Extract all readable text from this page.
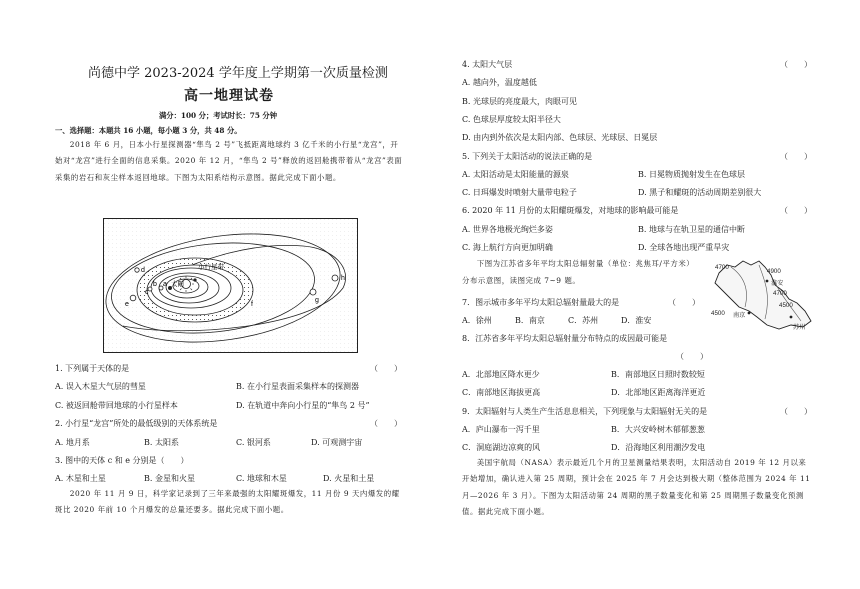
尚德中学 2023-2024 学年度上学期第一次质量检测
高一地理试卷
满分：100 分；考试时长：75 分钟
一、选择题：本题共 16 小题，每小题 3 分，共 48 分。
2018 年 6 月，日本小行星探测器“隼鸟 2 号”飞抵距离地球约 3 亿千米的小行星“龙宫”，开始对“龙宫”进行全面的信息采集。2020 年 12 月，“隼鸟 2 号”释放的返回舱携带着从“龙宫”表面采集的岩石和灰尘样本返回地球。下图为太阳系结构示意图。据此完成下面小题。
小行星带
太阳
a
b
c
d
e	f
g
h
1. 下列属于天体的是	（　　）
A. 误入木星大气层的彗星	B. 在小行星表面采集样本的探测器
C. 被返回舱带回地球的小行星样本	D. 在轨道中奔向小行星的“隼鸟 2 号”
2. 小行星“龙宫”所处的最低级别的天体系统是	（　　）
A. 地月系	B. 太阳系	C. 银河系	D. 可观测宇宙
3. 图中的天体 c 和 e 分别是（　　）
A. 木星和土星	B. 金星和火星	C. 地球和木星	D. 火星和土星
2020 年 11 月 9 日，科学家记录到了三年来最强的太阳耀斑爆发，11 月份 9 天内爆发的耀斑比 2020 年前 10 个月爆发的总量还要多。据此完成下面小题。
4. 太阳大气层	（　　）
A. 越向外，温度越低
B. 光球层的亮度最大，肉眼可见
C. 色球层厚度较太阳半径大
D. 由内到外依次是太阳内部、色球层、光球层、日冕层
5. 下列关于太阳活动的说法正确的是	（　　）
A. 太阳活动是太阳能量的源泉	B. 日冕物质抛射发生在色球层
C. 日珥爆发时喷射大量带电粒子	D. 黑子和耀斑的活动周期差别很大
6. 2020 年 11 月份的太阳耀斑爆发，对地球的影响最可能是	（　　）
A. 世界各地极光绚烂多姿	B. 地球与在轨卫星的通信中断
C. 海上航行方向更加明确	D. 全球各地出现严重旱灾
下图为江苏省多年平均太阳总辐射量（单位：兆焦耳/平方米）分布示意图，读图完成 7~9 题。
4700
4900
4700
4500
4500
南京
苏州
淮安
7．图示城市多年平均太阳总辐射量最大的是	（　　）
A．徐州	B．南京	C．苏州	D．淮安
8．江苏省多年平均太阳总辐射量分布特点的成因最可能是
（　　）
A．北部地区降水更少	B．南部地区日照时数较短
C．南部地区海拔更高	D．北部地区距离海洋更近
9．太阳辐射与人类生产生活息息相关，下列现象与太阳辐射无关的是	（　　）
A．庐山瀑布一泻千里	B．大兴安岭树木郁郁葱葱
C．洞庭湖边凉爽的风	D．沿海地区利用潮汐发电
美国宇航局（NASA）表示最近几个月的卫星测量结果表明，太阳活动自 2019 年 12 月以来开始增加，确认进入第 25 周期，预计会在 2025 年 7 月会达到极大期（整体范围为 2024 年 11 月—2026 年 3 月）。下图为太阳活动第 24 周期的黑子数量变化和第 25 周期黑子数量变化预测值。据此完成下面小题。
